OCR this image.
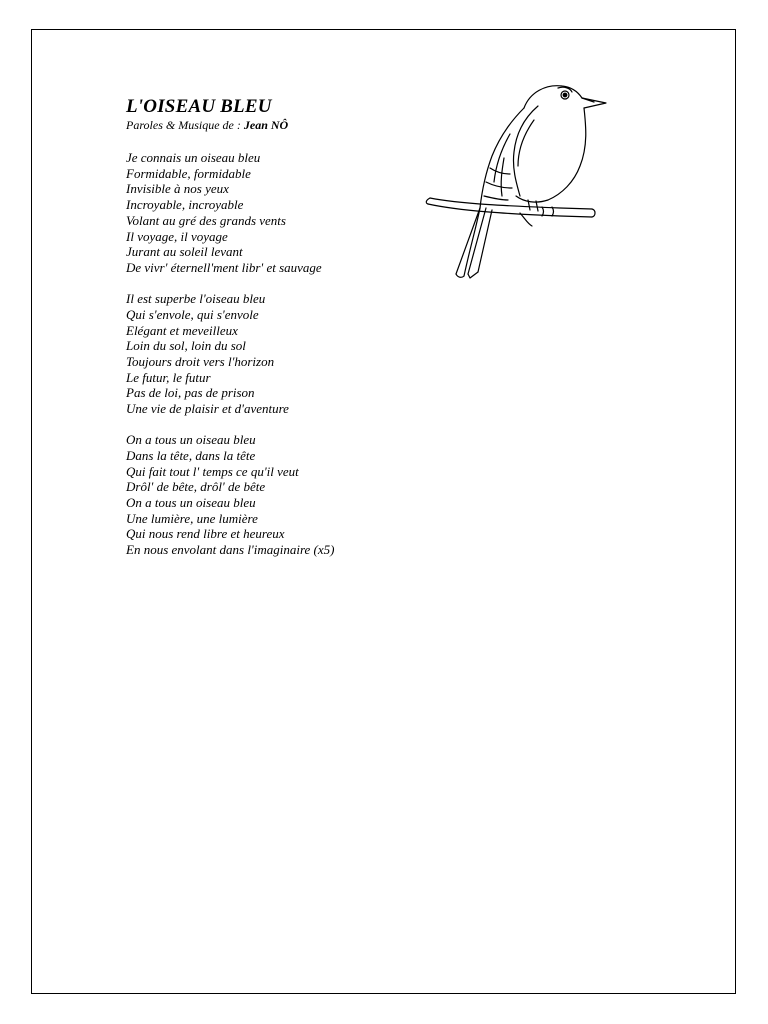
L'OISEAU BLEU

Paroles & Musique de : Jean NÔ

Je connais un oiseau bleu
Formidable, formidable
Invisible à nos yeux
Incroyable, incroyable
Volant au gré des grands vents
Il voyage, il voyage
Jurant au soleil levant
De vivr' éternell'ment libr' et sauvage
Il est superbe l'oiseau bleu
Qui s'envole, qui s'envole
Elégant et meveilleux
Loin du sol, loin du sol
Toujours droit vers l'horizon
Le futur, le futur
Pas de loi, pas de prison
Une vie de plaisir et d'aventure
On a tous un oiseau bleu
Dans la tête, dans la tête
Qui fait tout l' temps ce qu'il veut
Drôl' de bête, drôl' de bête
On a tous un oiseau bleu
Une lumière, une lumière
Qui nous rend libre et heureux
En nous envolant dans l'imaginaire (x5)
